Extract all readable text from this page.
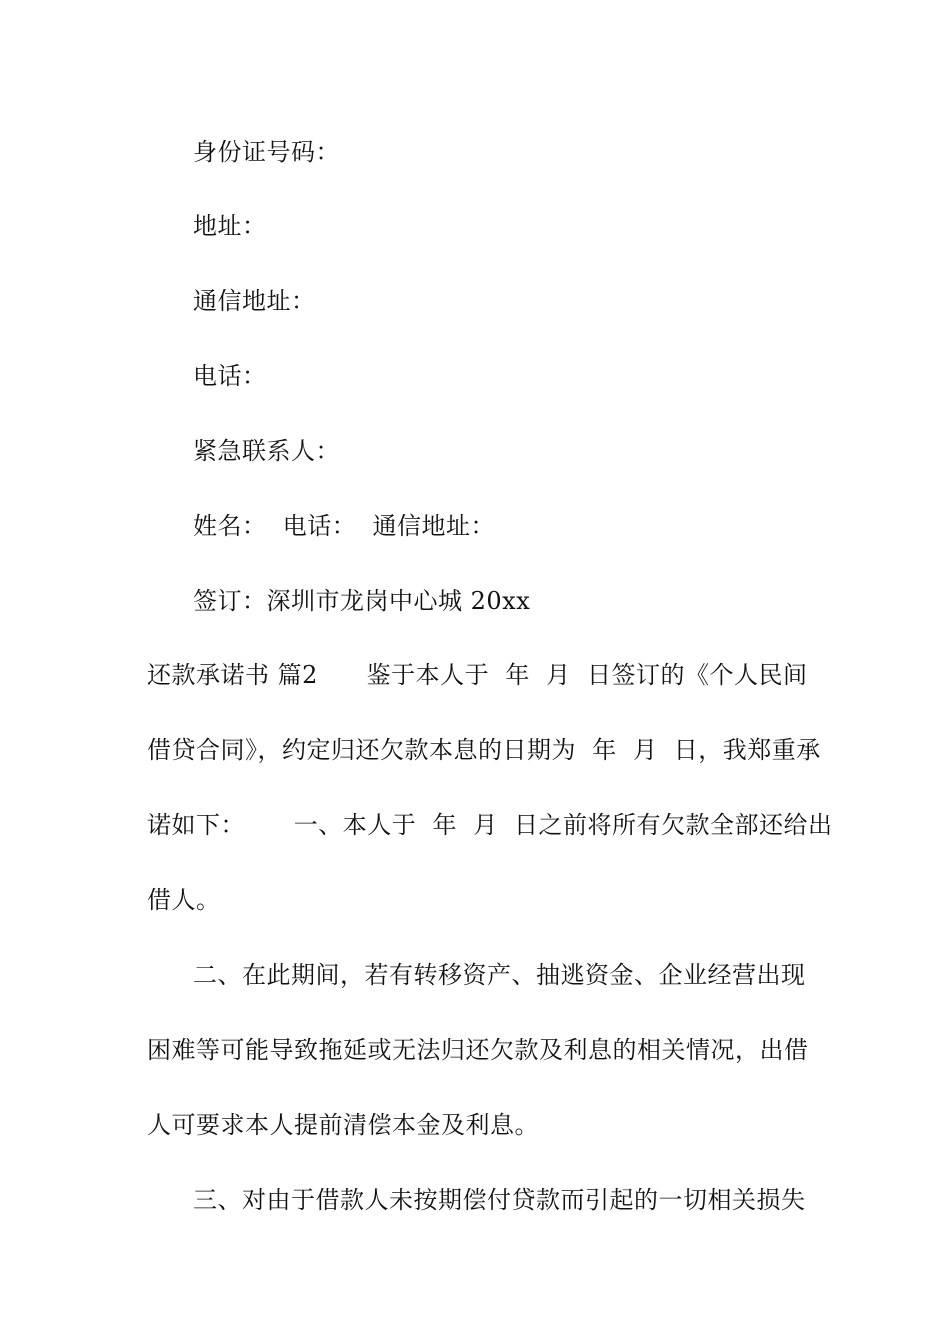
身份证号码：
地址：
通信地址：
电话：
紧急联系人：
姓名：  电话：  通信地址：
签订：深圳市龙岗中心城 20xx
还款承诺书 篇2      鉴于本人于  年  月  日签订的《个人民间
借贷合同》，约定归还欠款本息的日期为  年  月  日，我郑重承
诺如下：      一、本人于  年  月  日之前将所有欠款全部还给出
借人。
二、在此期间，若有转移资产、抽逃资金、企业经营出现
困难等可能导致拖延或无法归还欠款及利息的相关情况，出借
人可要求本人提前清偿本金及利息。
三、对由于借款人未按期偿付贷款而引起的一切相关损失
